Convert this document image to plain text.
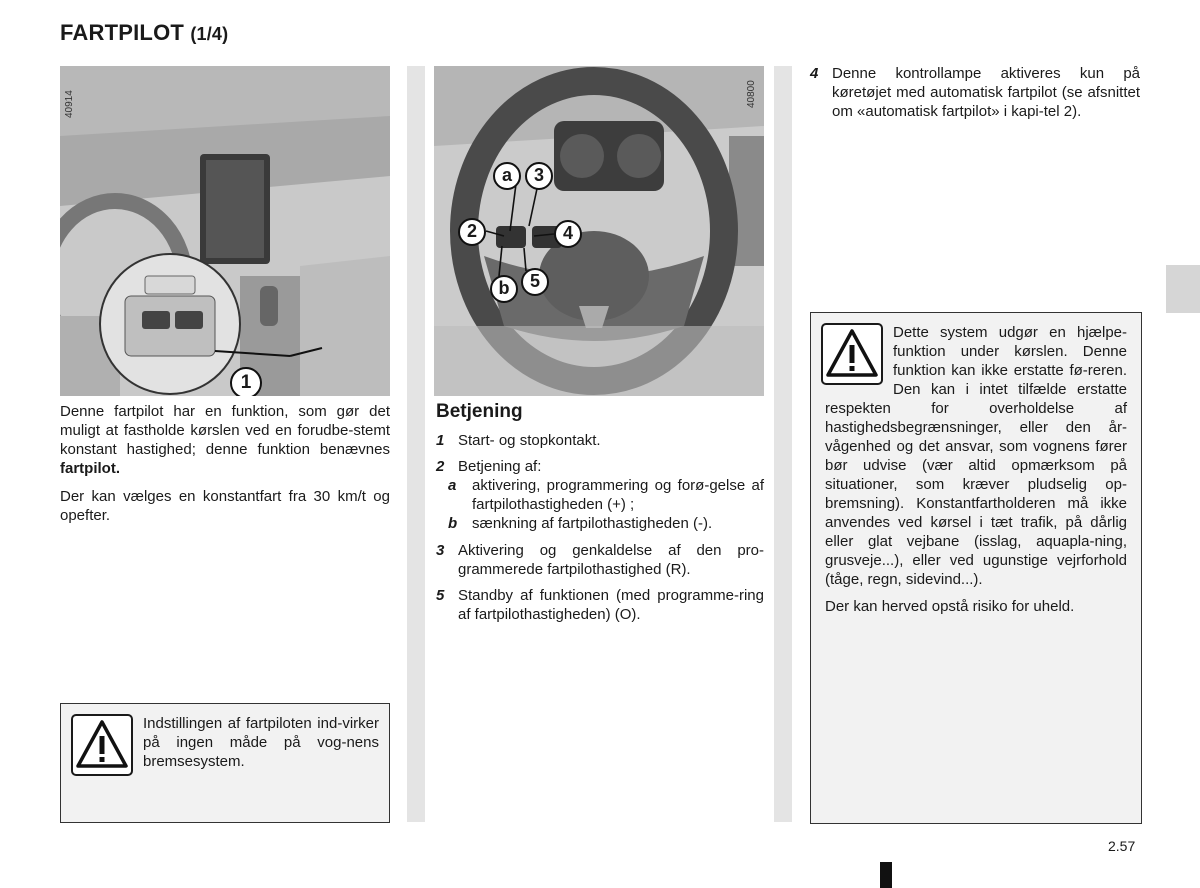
FARTPILOT (1/4)
40914
1
40800
a	3
2	4
b	5

Denne fartpilot har en funktion, som gør det muligt at fastholde kørslen ved en forudbe-stemt konstant hastighed; denne funktion benævnes fartpilot.

Der kan vælges en konstantfart fra 30 km/t og opefter.

Indstillingen af fartpiloten ind-virker på ingen måde på vog-nens bremsesystem.
Betjening
1 Start- og stopkontakt.
2 Betjening af:
a	aktivering, programmering og forø-gelse af fartpilothastigheden (+) ;
b sænkning af fartpilothastigheden (-).
3 Aktivering og genkaldelse af den pro-grammerede fartpilothastighed (R).
5 Standby af funktionen (med programme-ring af fartpilothastigheden) (O).
4 Denne kontrollampe aktiveres kun på køretøjet med automatisk fartpilot (se afsnittet om «automatisk fartpilot» i kapi-tel 2).
Dette system udgør en hjælpe-funktion under kørslen. Denne funktion kan ikke erstatte fø-reren. Den kan i intet tilfælde erstatte respekten for overholdelse af hastighedsbegrænsninger, eller den år-vågenhed og det ansvar, som vognens fører bør udvise (vær altid opmærksom på situationer, som kræver pludselig op-bremsning). Konstantfartholderen må ikke anvendes ved kørsel i tæt trafik, på dårlig eller glat vejbane (isslag, aquapla-ning, grusveje...), eller ved ugunstige vejrforhold (tåge, regn, sidevind...).
Der kan herved opstå risiko for uheld.
2.57
